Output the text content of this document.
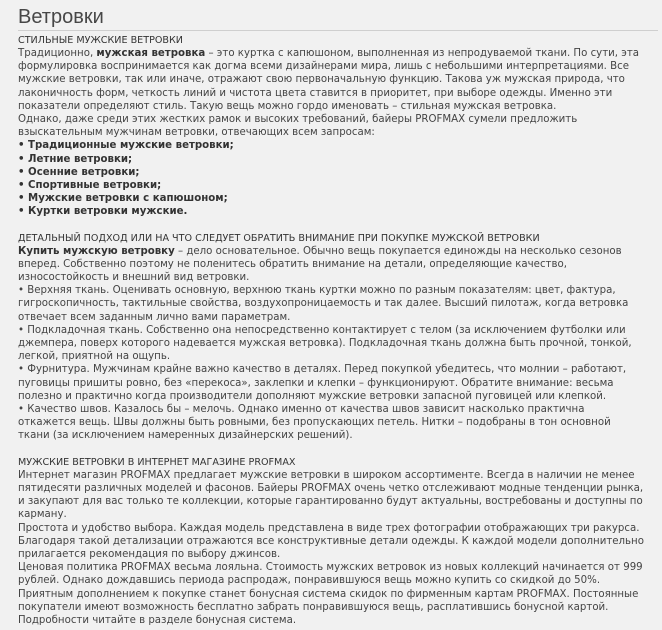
Ветровки
СТИЛЬНЫЕ МУЖСКИЕ ВЕТРОВКИ

Традиционно, мужская ветровка – это куртка с капюшоном, выполненная из непродуваемой ткани. По сути, эта формулировка воспринимается как догма всеми дизайнерами мира, лишь с небольшими интерпретациями. Все мужские ветровки, так или иначе, отражают свою первоначальную функцию. Такова уж мужская природа, что лаконичность форм, четкость линий и чистота цвета ставится в приоритет, при выборе одежды. Именно эти показатели определяют стиль. Такую вещь можно гордо именовать – стильная мужская ветровка.

Однако, даже среди этих жестких рамок и высоких требований, байеры PROFMAX сумели предложить взыскательным мужчинам ветровки, отвечающих всем запросам:

• Традиционные мужские ветровки;
• Летние ветровки;
• Осенние ветровки;
• Спортивные ветровки;
• Мужские ветровки с капюшоном;
• Куртки ветровки мужские.
ДЕТАЛЬНЫЙ ПОДХОД ИЛИ НА ЧТО СЛЕДУЕТ ОБРАТИТЬ ВНИМАНИЕ ПРИ ПОКУПКЕ МУЖСКОЙ ВЕТРОВКИ

Купить мужскую ветровку – дело основательное. Обычно вещь покупается единожды на несколько сезонов вперед. Собственно поэтому не поленитесь обратить внимание на детали, определяющие качество, износостойкость и внешний вид ветровки.

• Верхняя ткань. Оценивать основную, верхнюю ткань куртки можно по разным показателям: цвет, фактура, гигроскопичность, тактильные свойства, воздухопроницаемость и так далее. Высший пилотаж, когда ветровка отвечает всем заданным лично вами параметрам.

• Подкладочная ткань. Собственно она непосредственно контактирует с телом (за исключением футболки или джемпера, поверх которого надевается мужская ветровка). Подкладочная ткань должна быть прочной, тонкой, легкой, приятной на ощупь.

• Фурнитура. Мужчинам крайне важно качество в деталях. Перед покупкой убедитесь, что молнии – работают, пуговицы пришиты ровно, без «перекоса», заклепки и клепки – функционируют. Обратите внимание: весьма полезно и практично когда производители дополняют мужские ветровки запасной пуговицей или клепкой.

• Качество швов. Казалось бы – мелочь. Однако именно от качества швов зависит насколько практична откажется вещь. Швы должны быть ровными, без пропускающих петель. Нитки – подобраны в тон основной ткани (за исключением намеренных дизайнерских решений).

МУЖСКИЕ ВЕТРОВКИ В ИНТЕРНЕТ МАГАЗИНЕ PROFMAX

Интернет магазин PROFMAX предлагает мужские ветровки в широком ассортименте. Всегда в наличии не менее пятидесяти различных моделей и фасонов. Байеры PROFMAX очень четко отслеживают модные тенденции рынка, и закупают для вас только те коллекции, которые гарантированно будут актуальны, востребованы и доступны по карману.

Простота и удобство выбора. Каждая модель представлена в виде трех фотографии отображающих три ракурса. Благодаря такой детализации отражаются все конструктивные детали одежды. К каждой модели дополнительно прилагается рекомендация по выбору джинсов.

Ценовая политика PROFMAX весьма лояльна. Стоимость мужских ветровок из новых коллекций начинается от 999 рублей. Однако дождавшись периода распродаж, понравившуюся вещь можно купить со скидкой до 50%. Приятным дополнением к покупке станет бонусная система скидок по фирменным картам PROFMAX. Постоянные покупатели имеют возможность бесплатно забрать понравившуюся вещь, расплатившись бонусной картой. Подробности читайте в разделе бонусная система.
